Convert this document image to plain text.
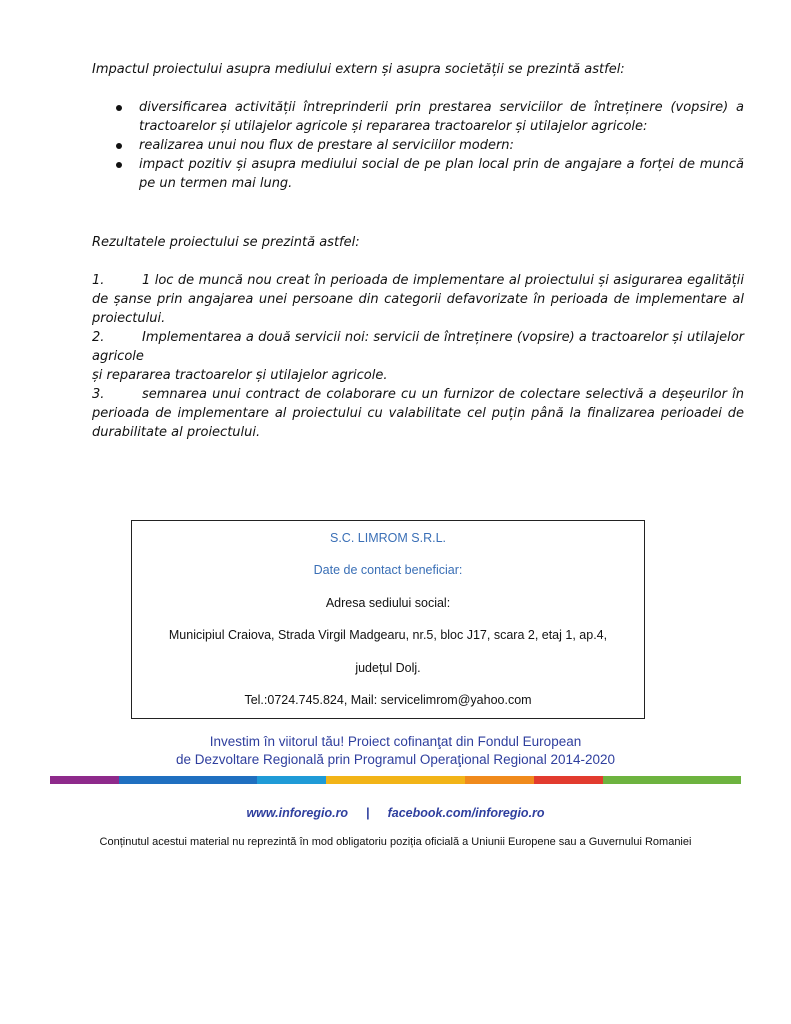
Impactul proiectului asupra mediului extern și asupra societății se prezintă astfel:
diversificarea activității întreprinderii prin prestarea serviciilor de întreținere (vopsire) a tractoarelor și utilajelor agricole și repararea tractoarelor și utilajelor agricole:
realizarea unui nou flux de prestare al serviciilor modern:
impact pozitiv și asupra mediului social de pe plan local prin de angajare a forței de muncă pe un termen mai lung.
Rezultatele proiectului se prezintă astfel:
1.	1 loc de muncă nou creat în perioada de implementare al proiectului și asigurarea egalității de șanse prin angajarea unei persoane din categorii defavorizate în perioada de implementare al proiectului.
2.	Implementarea a două servicii noi: servicii de întreținere (vopsire) a tractoarelor și utilajelor agricole
și repararea tractoarelor și utilajelor agricole.
3.	semnarea unui contract de colaborare cu un furnizor de colectare selectivă a deșeurilor în perioada de implementare al proiectului cu valabilitate cel puțin până la finalizarea perioadei de durabilitate al proiectului.
S.C. LIMROM S.R.L.
Date de contact beneficiar:
Adresa sediului social:
Municipiul Craiova, Strada Virgil Madgearu, nr.5, bloc J17, scara 2, etaj 1, ap.4,
județul Dolj.
Tel.:0724.745.824, Mail: servicelimrom@yahoo.com
Investim în viitorul tău! Proiect cofinanţat din Fondul European
de Dezvoltare Regională prin Programul Operaţional Regional 2014-2020
www.inforegio.ro | facebook.com/inforegio.ro
Conținutul acestui material nu reprezintă în mod obligatoriu poziția oficială a Uniunii Europene sau a Guvernului Romaniei
